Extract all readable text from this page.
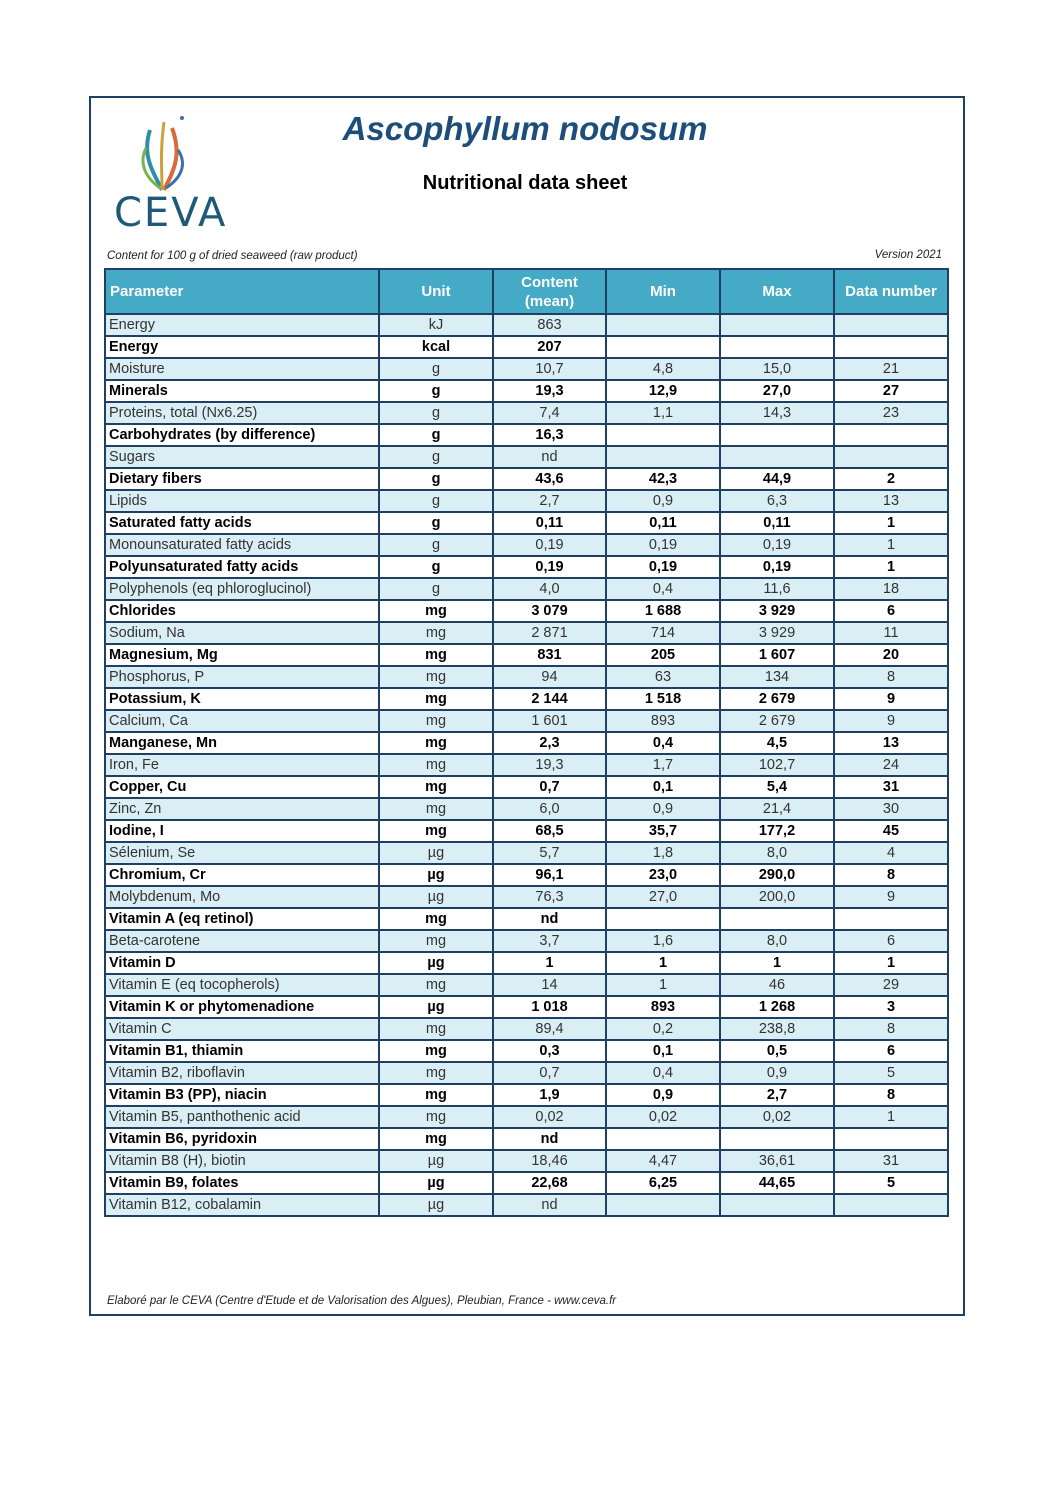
CEVA
Ascophyllum nodosum
Nutritional data sheet
Content for 100 g of dried seaweed (raw product)	Version 2021
Parameter	Unit	Content (mean)	Min	Max	Data number
Energy	kJ	863			
Energy	kcal	207			
Moisture	g	10,7	4,8	15,0	21
Minerals	g	19,3	12,9	27,0	27
Proteins, total (Nx6.25)	g	7,4	1,1	14,3	23
Carbohydrates (by difference)	g	16,3			
Sugars	g	nd			
Dietary fibers	g	43,6	42,3	44,9	2
Lipids	g	2,7	0,9	6,3	13
Saturated fatty acids	g	0,11	0,11	0,11	1
Monounsaturated fatty acids	g	0,19	0,19	0,19	1
Polyunsaturated fatty acids	g	0,19	0,19	0,19	1
Polyphenols (eq phloroglucinol)	g	4,0	0,4	11,6	18
Chlorides	mg	3 079	1 688	3 929	6
Sodium, Na	mg	2 871	714	3 929	11
Magnesium, Mg	mg	831	205	1 607	20
Phosphorus, P	mg	94	63	134	8
Potassium, K	mg	2 144	1 518	2 679	9
Calcium, Ca	mg	1 601	893	2 679	9
Manganese, Mn	mg	2,3	0,4	4,5	13
Iron, Fe	mg	19,3	1,7	102,7	24
Copper, Cu	mg	0,7	0,1	5,4	31
Zinc, Zn	mg	6,0	0,9	21,4	30
Iodine, I	mg	68,5	35,7	177,2	45
Sélenium, Se	µg	5,7	1,8	8,0	4
Chromium, Cr	µg	96,1	23,0	290,0	8
Molybdenum, Mo	µg	76,3	27,0	200,0	9
Vitamin A (eq retinol)	mg	nd			
Beta-carotene	mg	3,7	1,6	8,0	6
Vitamin D	µg	1	1	1	1
Vitamin E (eq tocopherols)	mg	14	1	46	29
Vitamin K or phytomenadione	µg	1 018	893	1 268	3
Vitamin C	mg	89,4	0,2	238,8	8
Vitamin B1, thiamin	mg	0,3	0,1	0,5	6
Vitamin B2, riboflavin	mg	0,7	0,4	0,9	5
Vitamin B3 (PP), niacin	mg	1,9	0,9	2,7	8
Vitamin B5, panthothenic acid	mg	0,02	0,02	0,02	1
Vitamin B6, pyridoxin	mg	nd			
Vitamin B8 (H), biotin	µg	18,46	4,47	36,61	31
Vitamin B9, folates	µg	22,68	6,25	44,65	5
Vitamin B12, cobalamin	µg	nd			
Elaboré par le CEVA (Centre d'Etude et de Valorisation des Algues), Pleubian, France - www.ceva.fr
